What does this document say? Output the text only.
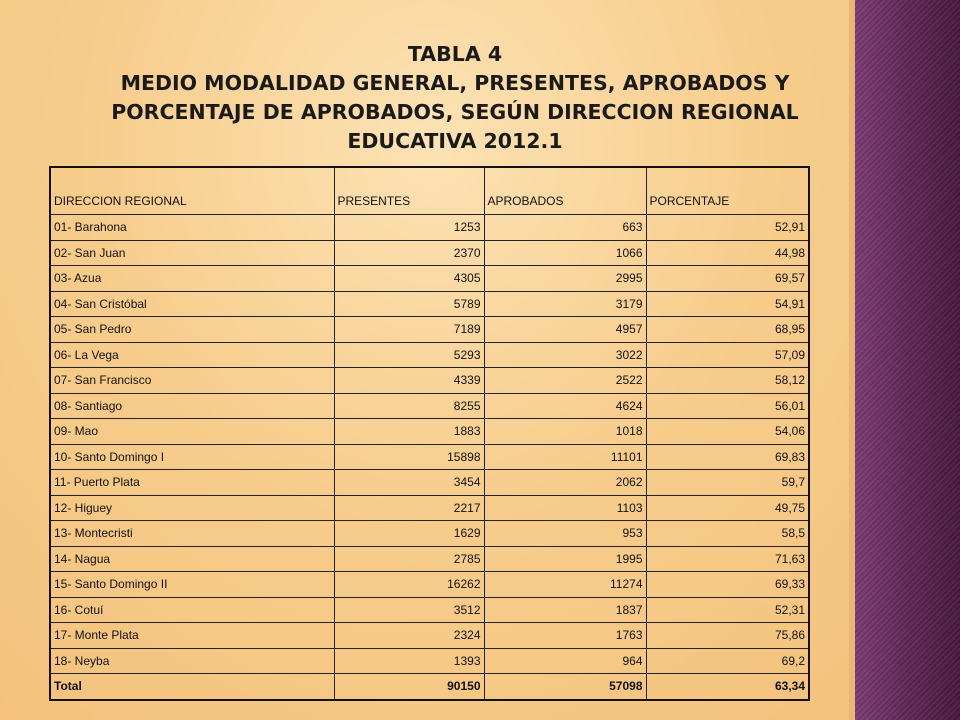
TABLA 4
MEDIO MODALIDAD GENERAL, PRESENTES, APROBADOS Y
PORCENTAJE DE APROBADOS, SEGÚN DIRECCION REGIONAL
EDUCATIVA 2012.1
DIRECCION REGIONAL	PRESENTES	APROBADOS	PORCENTAJE
01- Barahona	1253	663	52,91
02- San Juan	2370	1066	44,98
03- Azua	4305	2995	69,57
04- San Cristóbal	5789	3179	54,91
05- San Pedro	7189	4957	68,95
06- La Vega	5293	3022	57,09
07- San Francisco	4339	2522	58,12
08- Santiago	8255	4624	56,01
09- Mao	1883	1018	54,06
10- Santo Domingo I	15898	11101	69,83
11- Puerto Plata	3454	2062	59,7
12- Higuey	2217	1103	49,75
13- Montecristi	1629	953	58,5
14- Nagua	2785	1995	71,63
15- Santo Domingo II	16262	11274	69,33
16- Cotuí	3512	1837	52,31
17- Monte Plata	2324	1763	75,86
18- Neyba	1393	964	69,2
Total	90150	57098	63,34
